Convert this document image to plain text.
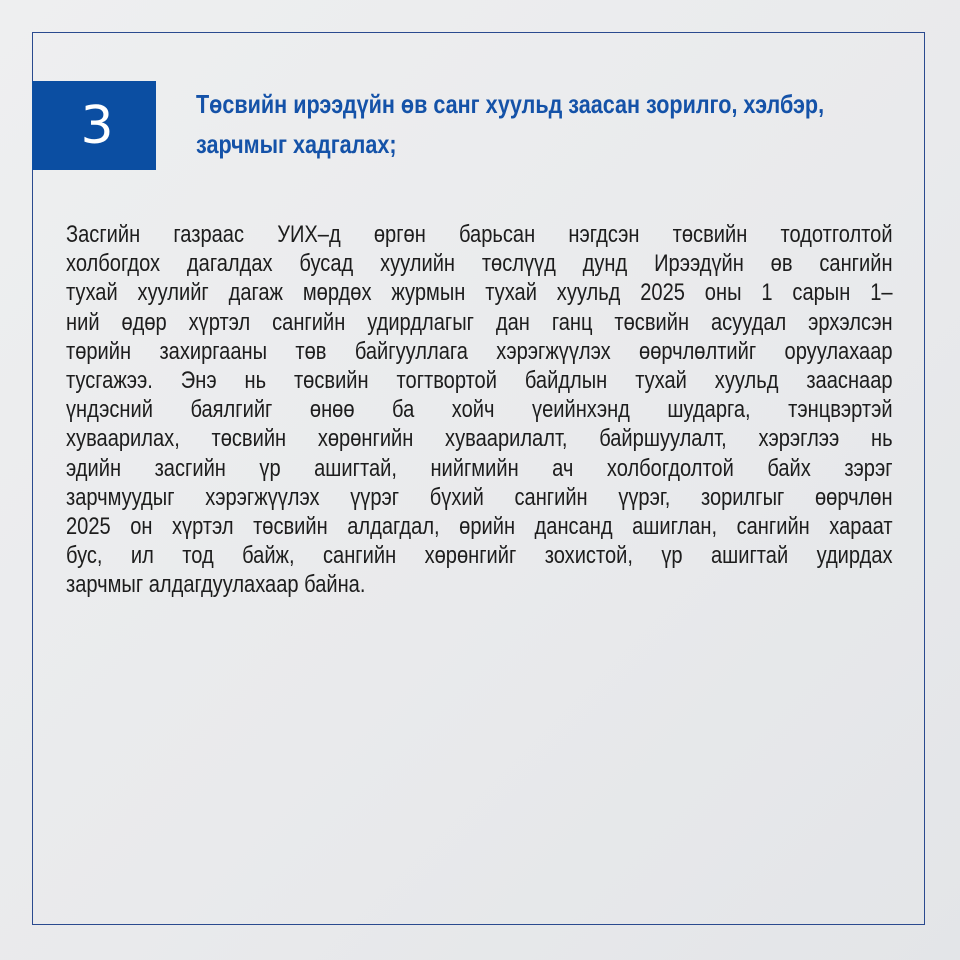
3	Төсвийн ирээдүйн өв санг хуульд заасан зорилго, хэлбэр,
зарчмыг хадгалах;
Засгийн газраас УИХ–д өргөн барьсан нэгдсэн төсвийн тодотголтой
холбогдох дагалдах бусад хуулийн төслүүд дунд Ирээдүйн өв сангийн
тухай хуулийг дагаж мөрдөх журмын тухай хуульд 2025 оны 1 сарын 1–
ний өдөр хүртэл сангийн удирдлагыг дан ганц төсвийн асуудал эрхэлсэн
төрийн захиргааны төв байгууллага хэрэгжүүлэх өөрчлөлтийг оруулахаар
тусгажээ. Энэ нь төсвийн тогтвортой байдлын тухай хуульд зааснаар
үндэсний баялгийг өнөө ба хойч үеийнхэнд шударга, тэнцвэртэй
хуваарилах, төсвийн хөрөнгийн хуваарилалт, байршуулалт, хэрэглээ нь
эдийн засгийн үр ашигтай, нийгмийн ач холбогдолтой байх зэрэг
зарчмуудыг хэрэгжүүлэх үүрэг бүхий сангийн үүрэг, зорилгыг өөрчлөн
2025 он хүртэл төсвийн алдагдал, өрийн дансанд ашиглан, сангийн хараат
бус, ил тод байж, сангийн хөрөнгийг зохистой, үр ашигтай удирдах
зарчмыг алдагдуулахаар байна.
